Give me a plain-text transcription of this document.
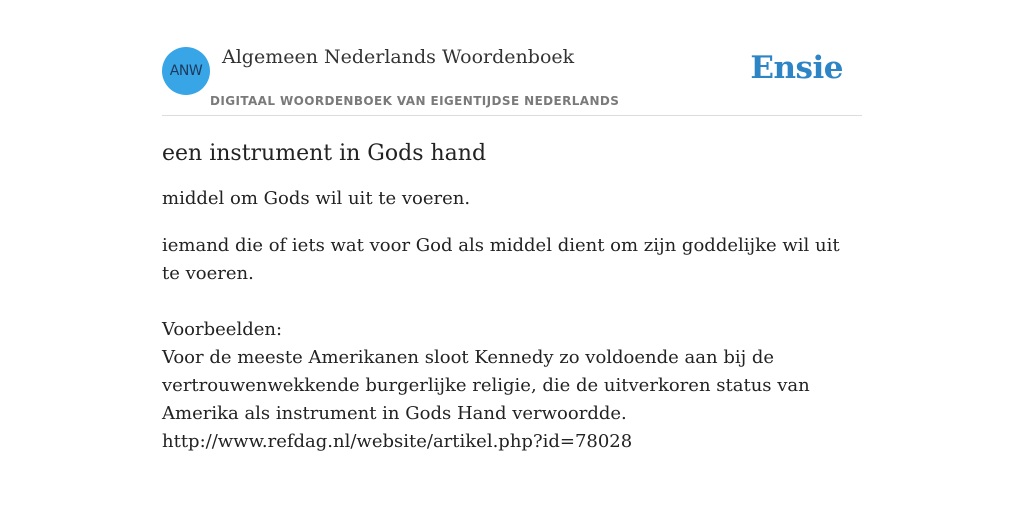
ANW
Algemeen Nederlands Woordenboek
DIGITAAL WOORDENBOEK VAN EIGENTIJDSE NEDERLANDS
Ensie
een instrument in Gods hand

middel om Gods wil uit te voeren.

iemand die of iets wat voor God als middel dient om zijn goddelijke wil uit te voeren.
Voorbeelden:
Voor de meeste Amerikanen sloot Kennedy zo voldoende aan bij de vertrouwenwekkende burgerlijke religie, die de uitverkoren status van Amerika als instrument in Gods Hand verwoordde.
http://www.refdag.nl/website/artikel.php?id=78028
